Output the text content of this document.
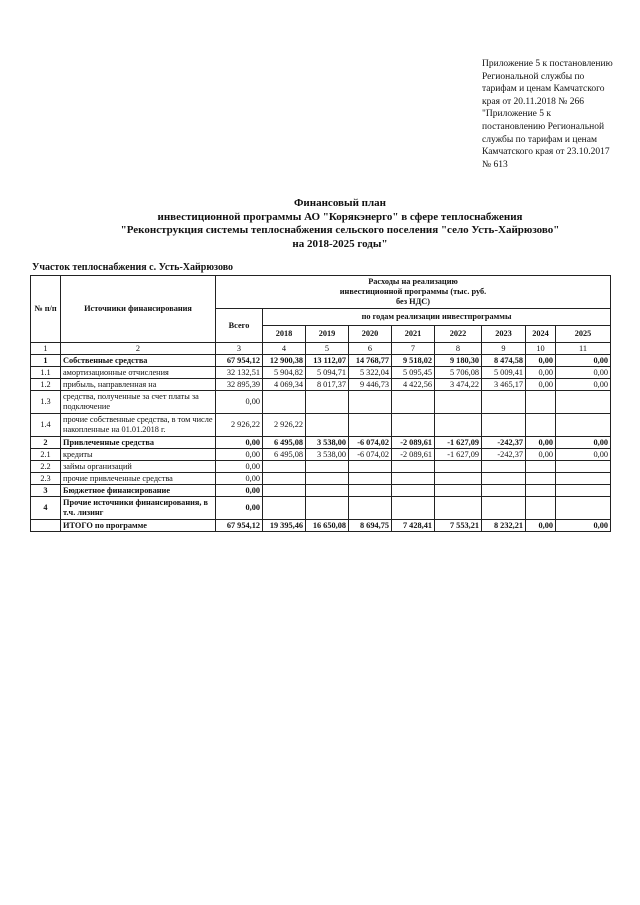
Приложение 5 к постановлению
Региональной службы по
тарифам и ценам Камчатского
края от 20.11.2018 № 266
"Приложение 5 к
постановлению Региональной
службы по тарифам и ценам
Камчатского края от 23.10.2017
№ 613
Финансовый план
инвестиционной программы АО "Корякэнерго" в сфере теплоснабжения
"Реконструкция системы теплоснабжения сельского поселения "село Усть-Хайрюзово"
на 2018-2025 годы"
Участок теплоснабжения с. Усть-Хайрюзово
№ п/п	Источники финансирования	Расходы на реализацию инвестиционной программы (тыс. руб. без НДС)								
		Всего	по годам реализации инвестпрограммы							
			2018	2019	2020	2021	2022	2023	2024	2025
1	2	3	4	5	6	7	8	9	10	11
1	Собственные средства	67 954,12	12 900,38	13 112,07	14 768,77	9 518,02	9 180,30	8 474,58	0,00	0,00
1.1	амортизационные отчисления	32 132,51	5 904,82	5 094,71	5 322,04	5 095,45	5 706,08	5 009,41	0,00	0,00
1.2	прибыль, направленная на	32 895,39	4 069,34	8 017,37	9 446,73	4 422,56	3 474,22	3 465,17	0,00	0,00
1.3	средства, полученные за счет платы за подключение	0,00								
1.4	прочие собственные средства, в том числе накопленные на 01.01.2018 г.	2 926,22	2 926,22							
2	Привлеченные средства	0,00	6 495,08	3 538,00	-6 074,02	-2 089,61	-1 627,09	-242,37	0,00	0,00
2.1	кредиты	0,00	6 495,08	3 538,00	-6 074,02	-2 089,61	-1 627,09	-242,37	0,00	0,00
2.2	займы организаций	0,00								
2.3	прочие привлеченные средства	0,00								
3	Бюджетное финансирование	0,00								
4	Прочие источники финансирования, в т.ч. лизинг	0,00								
	ИТОГО по программе	67 954,12	19 395,46	16 650,08	8 694,75	7 428,41	7 553,21	8 232,21	0,00	0,00
